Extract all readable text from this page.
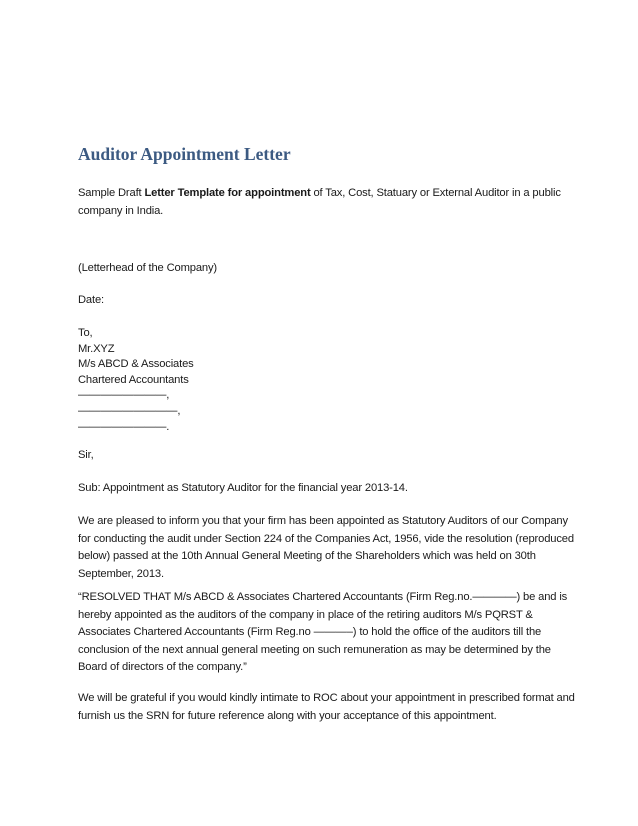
Auditor Appointment Letter

Sample Draft Letter Template for appointment of Tax, Cost, Statuary or External Auditor in a public company in India.

(Letterhead of the Company)

Date:

To,
Mr.XYZ
M/s ABCD & Associates
Chartered Accountants
————————,
—————————,
————————.

Sir,

Sub: Appointment as Statutory Auditor for the financial year 2013-14.

We are pleased to inform you that your firm has been appointed as Statutory Auditors of our Company for conducting the audit under Section 224 of the Companies Act, 1956, vide the resolution (reproduced below) passed at the 10th Annual General Meeting of the Shareholders which was held on 30th September, 2013.

“RESOLVED THAT M/s ABCD & Associates Chartered Accountants (Firm Reg.no.————) be and is hereby appointed as the auditors of the company in place of the retiring auditors M/s PQRST & Associates Chartered Accountants (Firm Reg.no ———–) to hold the office of the auditors till the conclusion of the next annual general meeting on such remuneration as may be determined by the Board of directors of the company.”

We will be grateful if you would kindly intimate to ROC about your appointment in prescribed format and furnish us the SRN for future reference along with your acceptance of this appointment.
